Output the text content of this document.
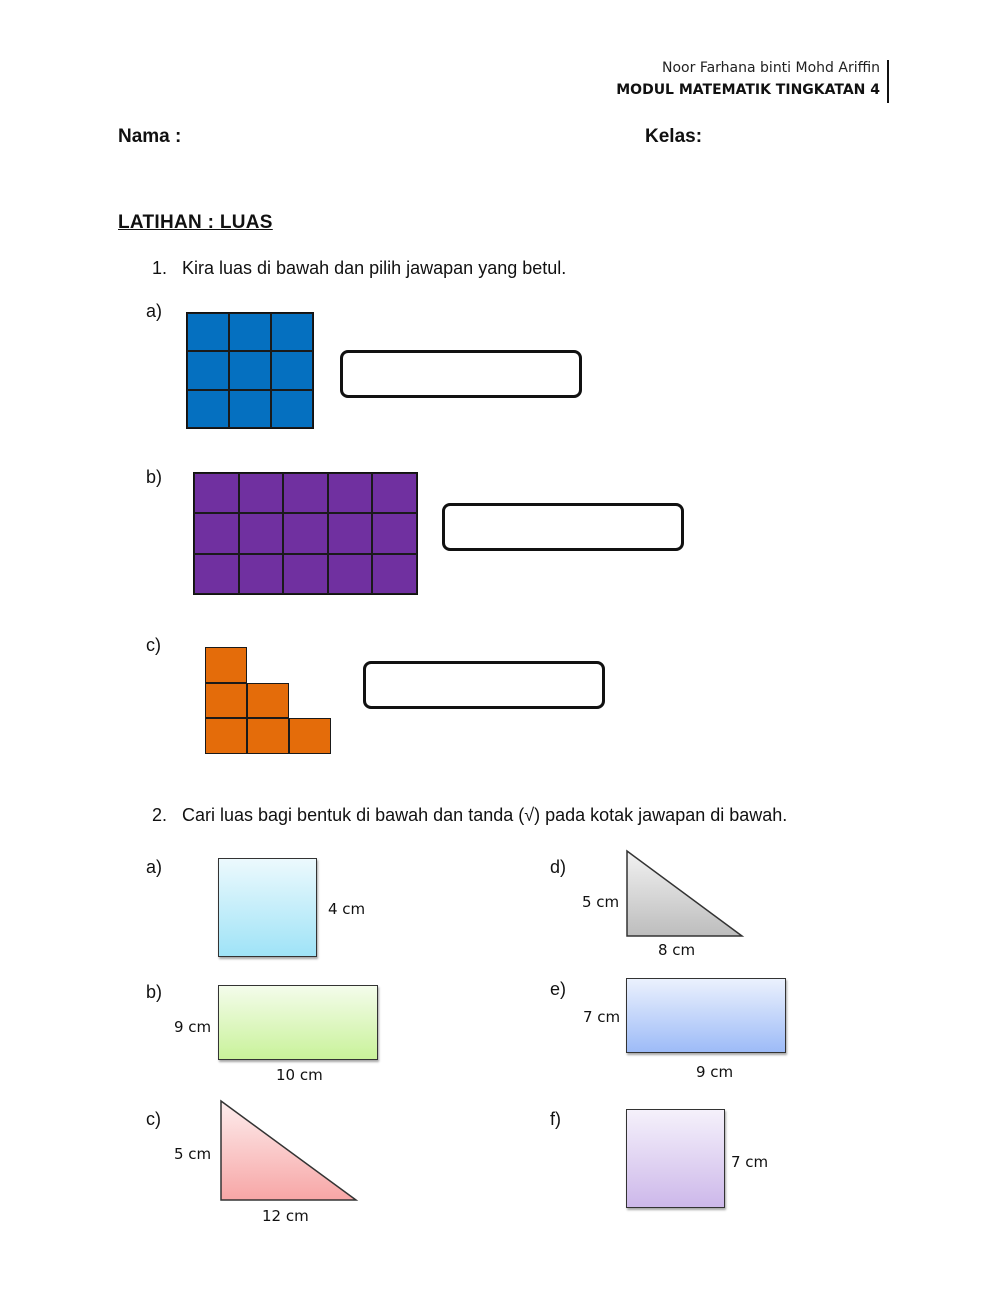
Noor Farhana binti Mohd Ariffin
MODUL MATEMATIK TINGKATAN 4
Nama :	Kelas:
LATIHAN : LUAS
1. Kira luas di bawah dan pilih jawapan yang betul.
a)
b)
c)
2. Cari luas bagi bentuk di bawah dan tanda (√) pada kotak jawapan di bawah.
a)
4 cm
b)
9 cm
10 cm
c)
5 cm
12 cm
d)
5 cm
8 cm
e)
7 cm
9 cm
f)
7 cm
